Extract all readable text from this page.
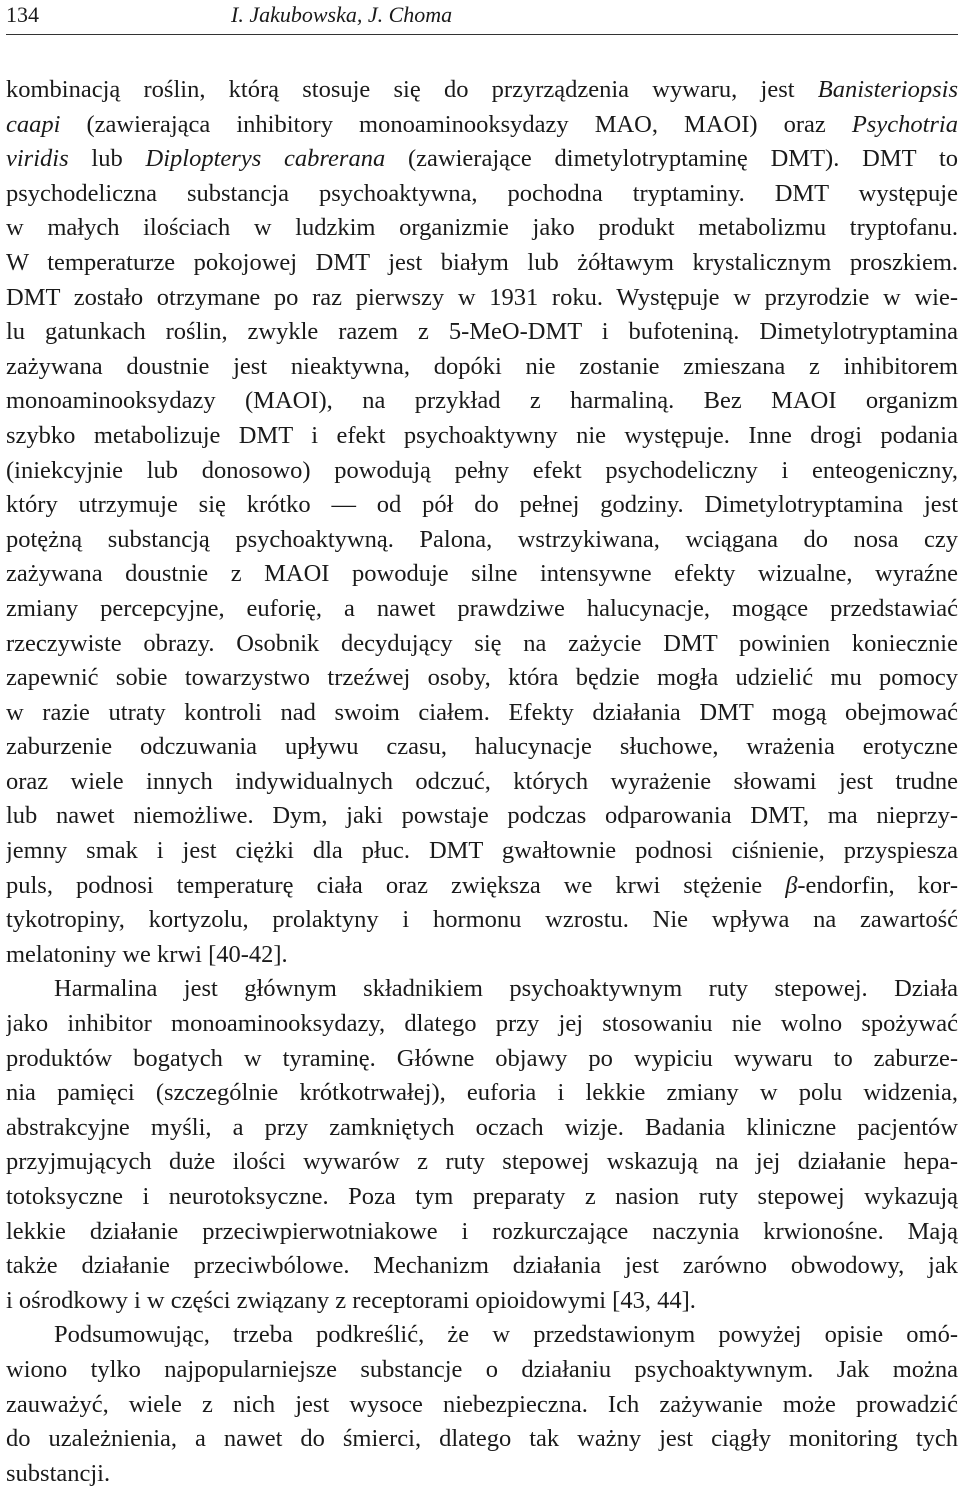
134	I. Jakubowska, J. Choma
kombinacją roślin, którą stosuje się do przyrządzenia wywaru, jest Banisteriopsis
caapi (zawierająca inhibitory monoaminooksydazy MAO, MAOI) oraz Psychotria
viridis lub Diplopterys cabrerana (zawierające dimetylotryptaminę DMT). DMT to
psychodeliczna substancja psychoaktywna, pochodna tryptaminy. DMT występuje
w małych ilościach w ludzkim organizmie jako produkt metabolizmu tryptofanu.
W temperaturze pokojowej DMT jest białym lub żółtawym krystalicznym proszkiem.
DMT zostało otrzymane po raz pierwszy w 1931 roku. Występuje w przyrodzie w wie-
lu gatunkach roślin, zwykle razem z 5-MeO-DMT i bufoteniną. Dimetylotryptamina
zażywana doustnie jest nieaktywna, dopóki nie zostanie zmieszana z inhibitorem
monoaminooksydazy (MAOI), na przykład z harmaliną. Bez MAOI organizm
szybko metabolizuje DMT i efekt psychoaktywny nie występuje. Inne drogi podania
(iniekcyjnie lub donosowo) powodują pełny efekt psychodeliczny i enteogeniczny,
który utrzymuje się krótko — od pół do pełnej godziny. Dimetylotryptamina jest
potężną substancją psychoaktywną. Palona, wstrzykiwana, wciągana do nosa czy
zażywana doustnie z MAOI powoduje silne intensywne efekty wizualne, wyraźne
zmiany percepcyjne, euforię, a nawet prawdziwe halucynacje, mogące przedstawiać
rzeczywiste obrazy. Osobnik decydujący się na zażycie DMT powinien koniecznie
zapewnić sobie towarzystwo trzeźwej osoby, która będzie mogła udzielić mu pomocy
w razie utraty kontroli nad swoim ciałem. Efekty działania DMT mogą obejmować
zaburzenie odczuwania upływu czasu, halucynacje słuchowe, wrażenia erotyczne
oraz wiele innych indywidualnych odczuć, których wyrażenie słowami jest trudne
lub nawet niemożliwe. Dym, jaki powstaje podczas odparowania DMT, ma nieprzy-
jemny smak i jest ciężki dla płuc. DMT gwałtownie podnosi ciśnienie, przyspiesza
puls, podnosi temperaturę ciała oraz zwiększa we krwi stężenie β-endorfin, kor-
tykotropiny, kortyzolu, prolaktyny i hormonu wzrostu. Nie wpływa na zawartość
melatoniny we krwi [40-42].
Harmalina jest głównym składnikiem psychoaktywnym ruty stepowej. Działa
jako inhibitor monoaminooksydazy, dlatego przy jej stosowaniu nie wolno spożywać
produktów bogatych w tyraminę. Główne objawy po wypiciu wywaru to zaburze-
nia pamięci (szczególnie krótkotrwałej), euforia i lekkie zmiany w polu widzenia,
abstrakcyjne myśli, a przy zamkniętych oczach wizje. Badania kliniczne pacjentów
przyjmujących duże ilości wywarów z ruty stepowej wskazują na jej działanie hepa-
totoksyczne i neurotoksyczne. Poza tym preparaty z nasion ruty stepowej wykazują
lekkie działanie przeciwpierwotniakowe i rozkurczające naczynia krwionośne. Mają
także działanie przeciwbólowe. Mechanizm działania jest zarówno obwodowy, jak
i ośrodkowy i w części związany z receptorami opioidowymi [43, 44].
Podsumowując, trzeba podkreślić, że w przedstawionym powyżej opisie omó-
wiono tylko najpopularniejsze substancje o działaniu psychoaktywnym. Jak można
zauważyć, wiele z nich jest wysoce niebezpieczna. Ich zażywanie może prowadzić
do uzależnienia, a nawet do śmierci, dlatego tak ważny jest ciągły monitoring tych
substancji.
